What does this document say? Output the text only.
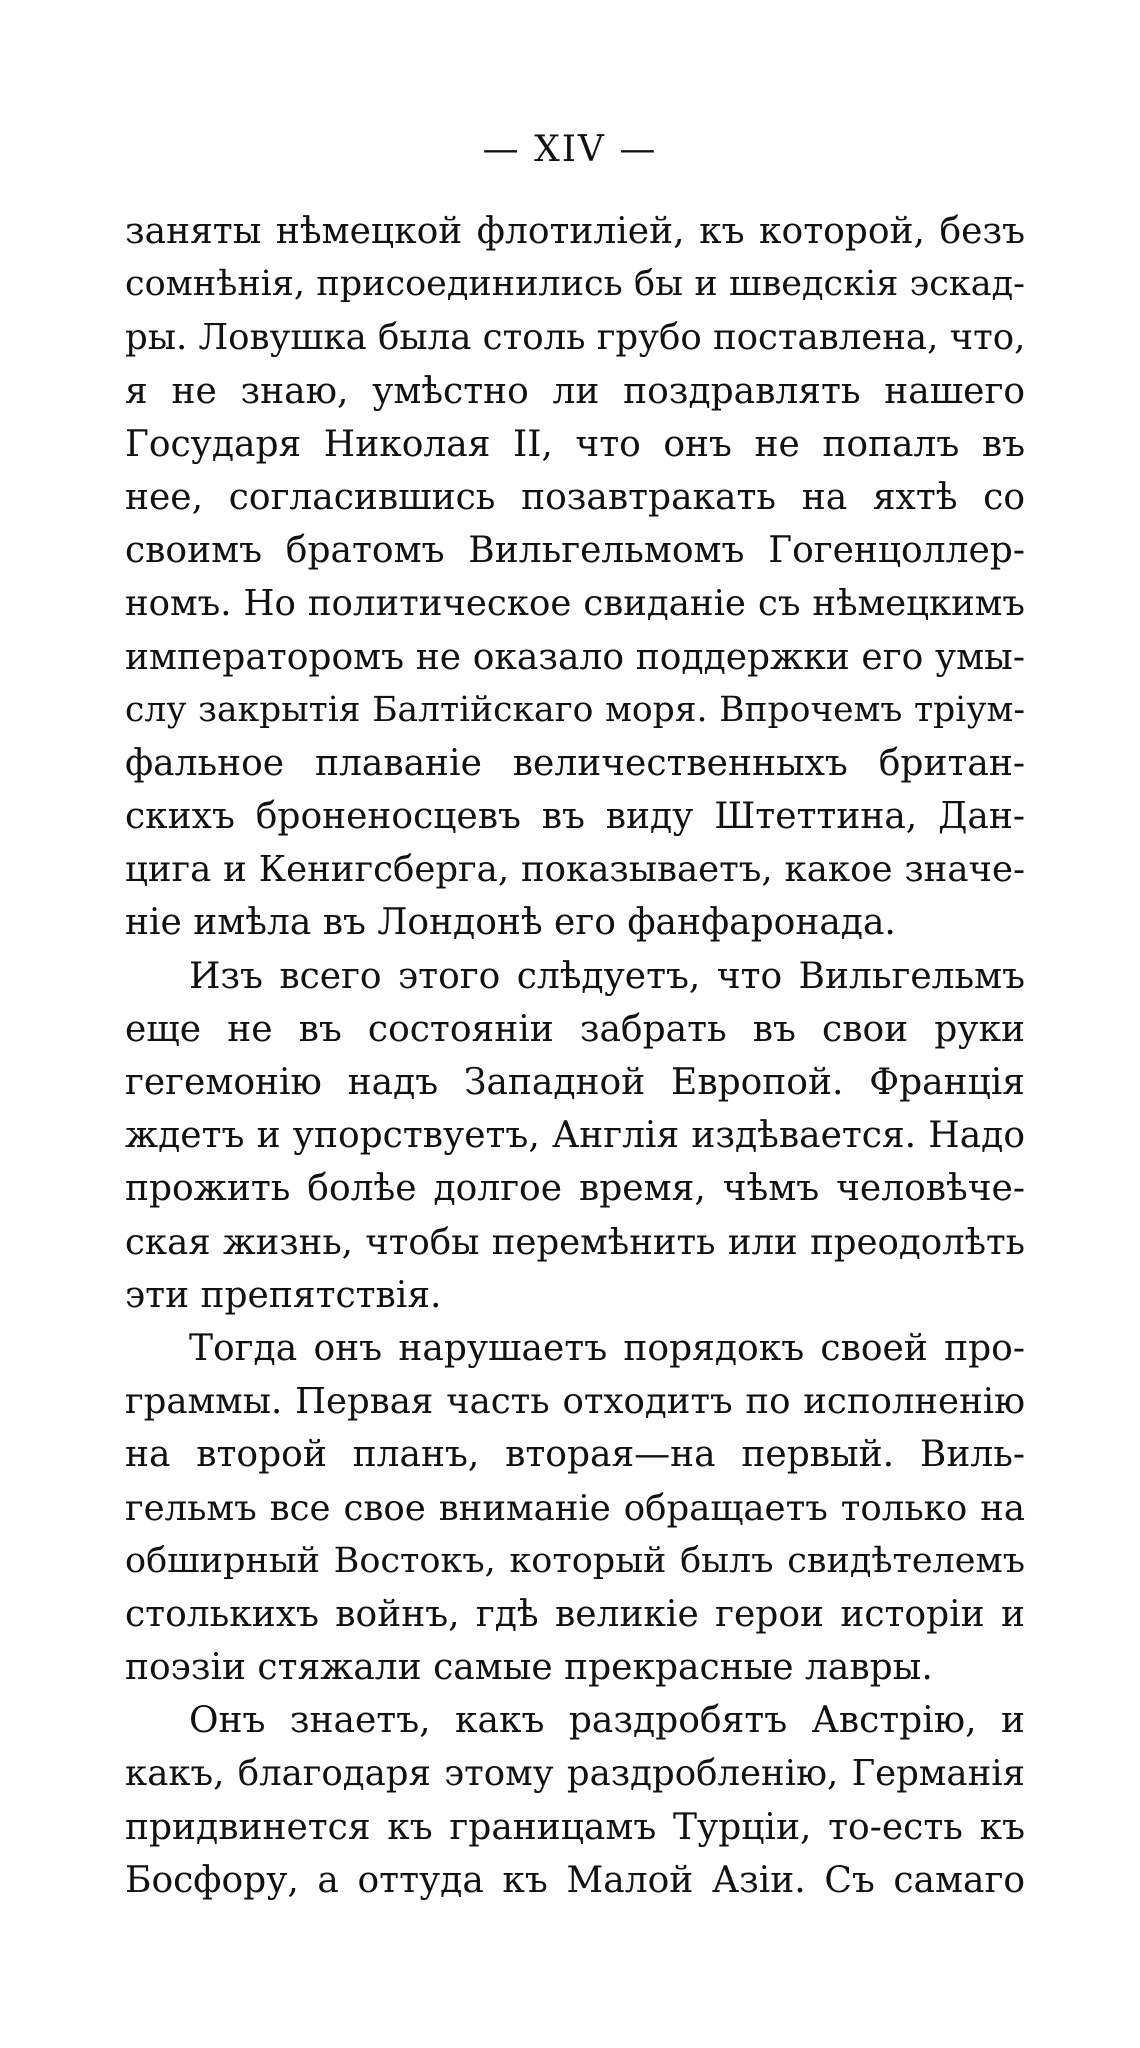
— XIV —
заняты нѣмецкой флотиліей, къ которой, безъ
сомнѣнія, присоединились бы и шведскія эскад-
ры. Ловушка была столь грубо поставлена, что,
я не знаю, умѣстно ли поздравлять нашего
Государя Николая II, что онъ не попалъ въ
нее, согласившись позавтракать на яхтѣ со
своимъ братомъ Вильгельмомъ Гогенцоллер-
номъ. Но политическое свиданіе съ нѣмецкимъ
императоромъ не оказало поддержки его умы-
слу закрытія Балтійскаго моря. Впрочемъ тріум-
фальное плаваніе величественныхъ британ-
скихъ броненосцевъ въ виду Штеттина, Дан-
цига и Кенигсберга, показываетъ, какое значе-
ніе имѣла въ Лондонѣ его фанфаронада.
Изъ всего этого слѣдуетъ, что Вильгельмъ
еще не въ состояніи забрать въ свои руки
гегемонію надъ Западной Европой. Франція
ждетъ и упорствуетъ, Англія издѣвается. Надо
прожить болѣе долгое время, чѣмъ человѣче-
ская жизнь, чтобы перемѣнить или преодолѣть
эти препятствія.
Тогда онъ нарушаетъ порядокъ своей про-
граммы. Первая часть отходитъ по исполненію
на второй планъ, вторая—на первый. Виль-
гельмъ все свое вниманіе обращаетъ только на
обширный Востокъ, который былъ свидѣтелемъ
столькихъ войнъ, гдѣ великіе герои исторіи и
поэзіи стяжали самые прекрасные лавры.
Онъ знаетъ, какъ раздробятъ Австрію, и
какъ, благодаря этому раздробленію, Германія
придвинется къ границамъ Турціи, то-есть къ
Босфору, а оттуда къ Малой Азіи. Съ самаго
